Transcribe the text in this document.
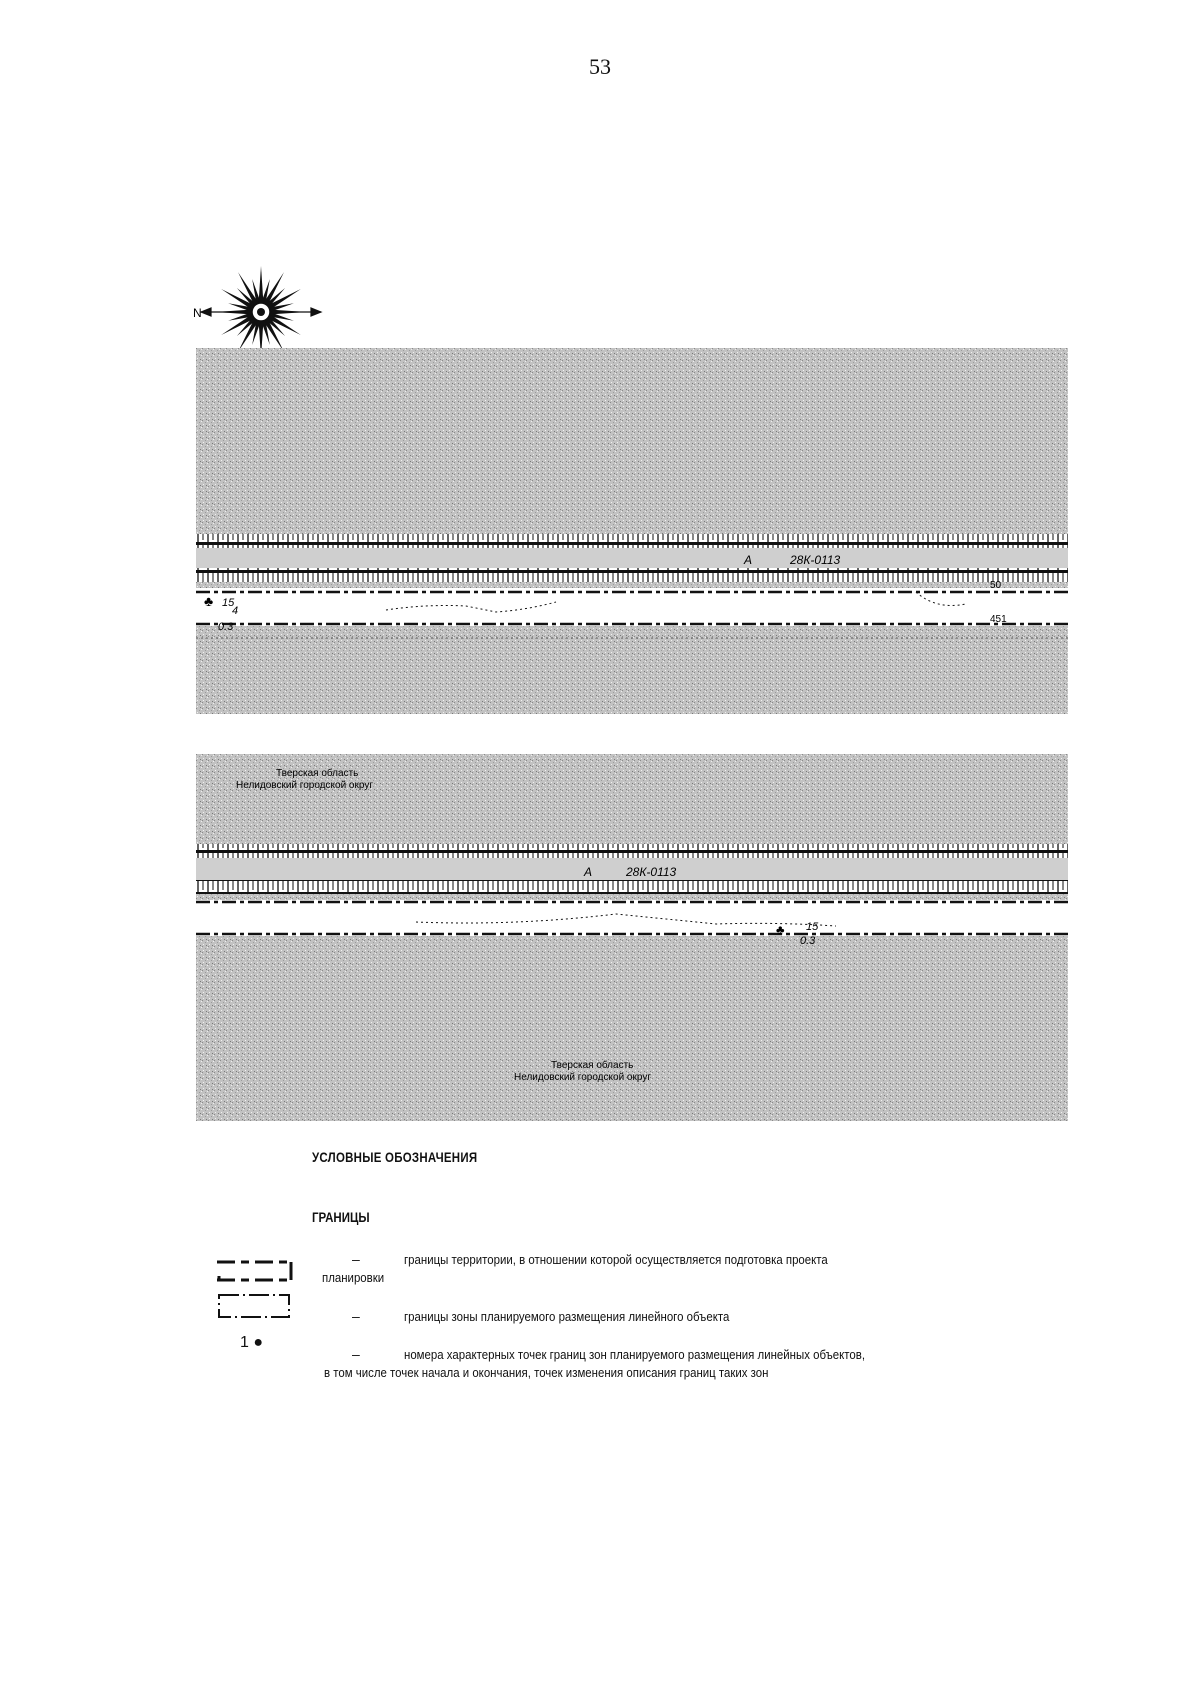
53
N
А	28К-0113
♣ 15
4
0.3
50
451
А	28К-0113
♣ 15
0.3
Тверская область
Нелидовский городской округ
Тверская область
Нелидовский городской округ
УСЛОВНЫЕ ОБОЗНАЧЕНИЯ
ГРАНИЦЫ
1 ●
–	границы территории, в отношении которой осуществляется подготовка проекта
планировки
–	границы зоны планируемого размещения линейного объекта
–	номера характерных точек границ зон планируемого размещения линейных объектов,
в том числе точек начала и окончания, точек изменения описания границ таких зон
